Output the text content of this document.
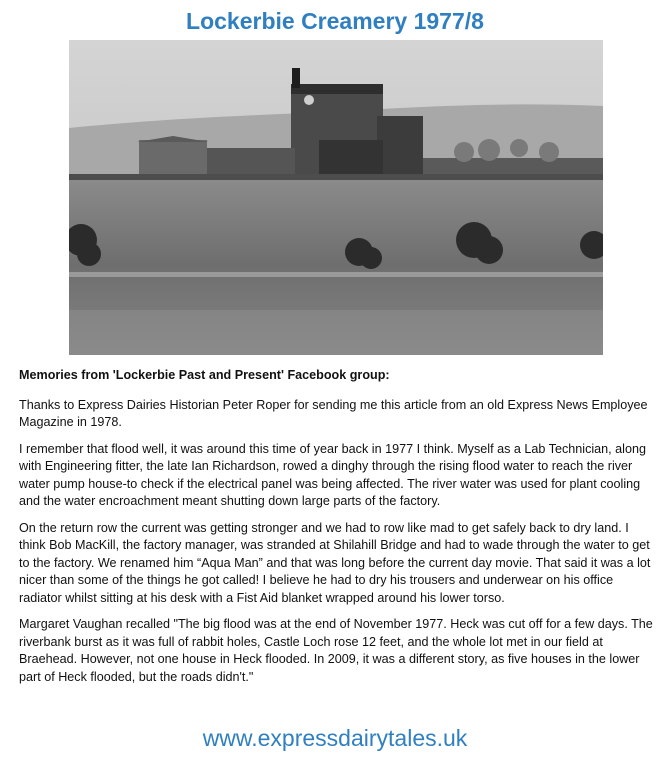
Lockerbie Creamery 1977/8

Memories from 'Lockerbie Past and Present' Facebook group:

Thanks to Express Dairies Historian Peter Roper for sending me this article from an old Express News Employee Magazine in 1978.

I remember that flood well, it was around this time of year back in 1977 I think. Myself as a Lab Technician, along with Engineering fitter, the late Ian Richardson, rowed a dinghy through the rising flood water to reach the river water pump house-to check if the electrical panel was being affected. The river water was used for plant cooling and the water encroachment meant shutting down large parts of the factory.

On the return row the current was getting stronger and we had to row like mad to get safely back to dry land. I think Bob MacKill, the factory manager, was stranded at Shilahill Bridge and had to wade through the water to get to the factory. We renamed him “Aqua Man” and that was long before the current day movie. That said it was a lot nicer than some of the things he got called! I believe he had to dry his trousers and underwear on his office radiator whilst sitting at his desk with a Fist Aid blanket wrapped around his lower torso.

Margaret Vaughan recalled "The big flood was at the end of November 1977. Heck was cut off for a few days. The riverbank burst as it was full of rabbit holes, Castle Loch rose 12 feet, and the whole lot met in our field at Braehead. However, not one house in Heck flooded. In 2009, it was a different story, as five houses in the lower part of Heck flooded, but the roads didn't."

www.expressdairytales.uk
